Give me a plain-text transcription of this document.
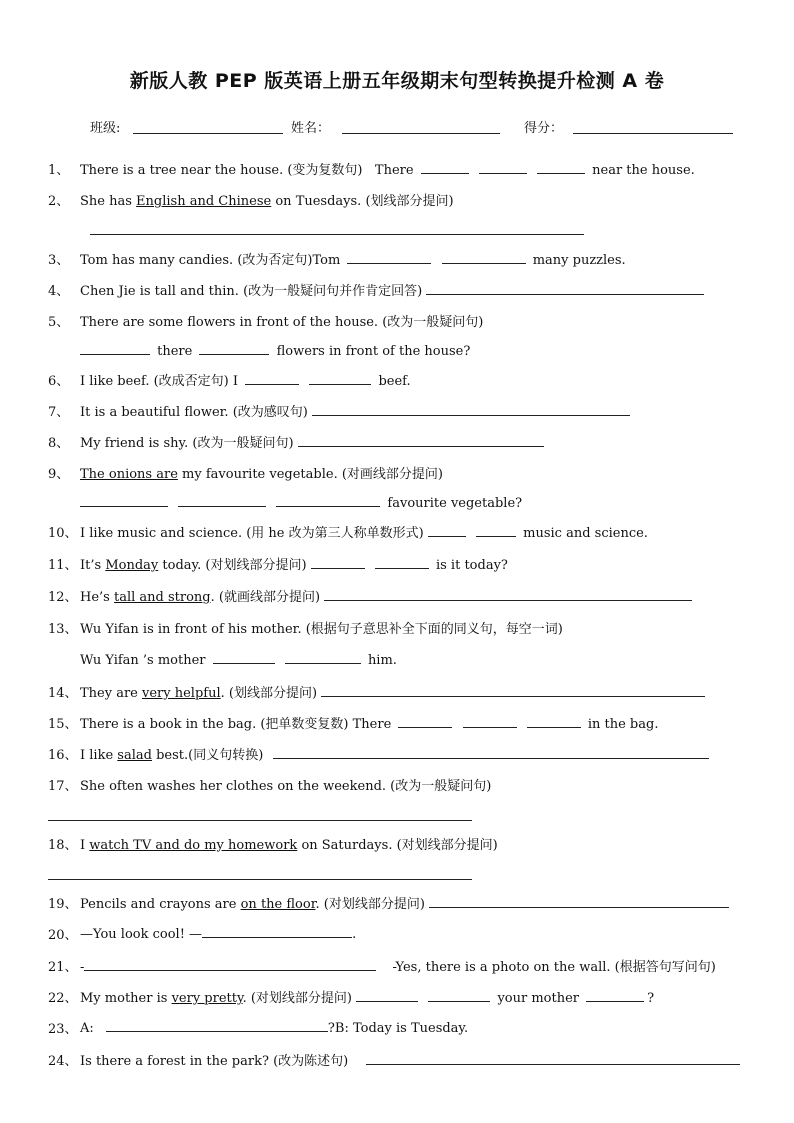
新版人教 PEP 版英语上册五年级期末句型转换提升检测 A 卷
班级:	姓名：	得分：
1、 There is a tree near the house. (变为复数句) There	near the house.
2、 She has English and Chinese on Tuesdays. (划线部分提问)
3、 Tom has many candies. (改为否定句)Tom	many puzzles.
4、 Chen Jie is tall and thin. (改为一般疑问句并作肯定回答)
5、 There are some flowers in front of the house. (改为一般疑问句)
there	flowers in front of the house?
6、 I like beef. (改成否定句) I	beef.
7、 It is a beautiful flower. (改为感叹句)
8、 My friend is shy. (改为一般疑问句)
9、 The onions are my favourite vegetable. (对画线部分提问)
favourite vegetable?
10、 I like music and science. (用 he 改为第三人称单数形式)	music and science.
11、 It’s Monday today. (对划线部分提问)	is it today?
12、 He’s tall and strong. (就画线部分提问)
13、 Wu Yifan is in front of his mother. (根据句子意思补全下面的同义句，每空一词)
Wu Yifan ’s mother	him.
14、 They are very helpful. (划线部分提问)
15、 There is a book in the bag. (把单数变复数) There	in the bag.
16、 I like salad best.(同义句转换)
17、 She often washes her clothes on the weekend. (改为一般疑问句)
18、 I watch TV and do my homework on Saturdays. (对划线部分提问)
19、 Pencils and crayons are on the floor. (对划线部分提问)
20、 —You look cool! —	.
21、 -	-Yes, there is a photo on the wall. (根据答句写问句)
22、 My mother is very pretty. (对划线部分提问)	your mother	?
23、 A:	?B: Today is Tuesday.
24、 Is there a forest in the park? (改为陈述句)
